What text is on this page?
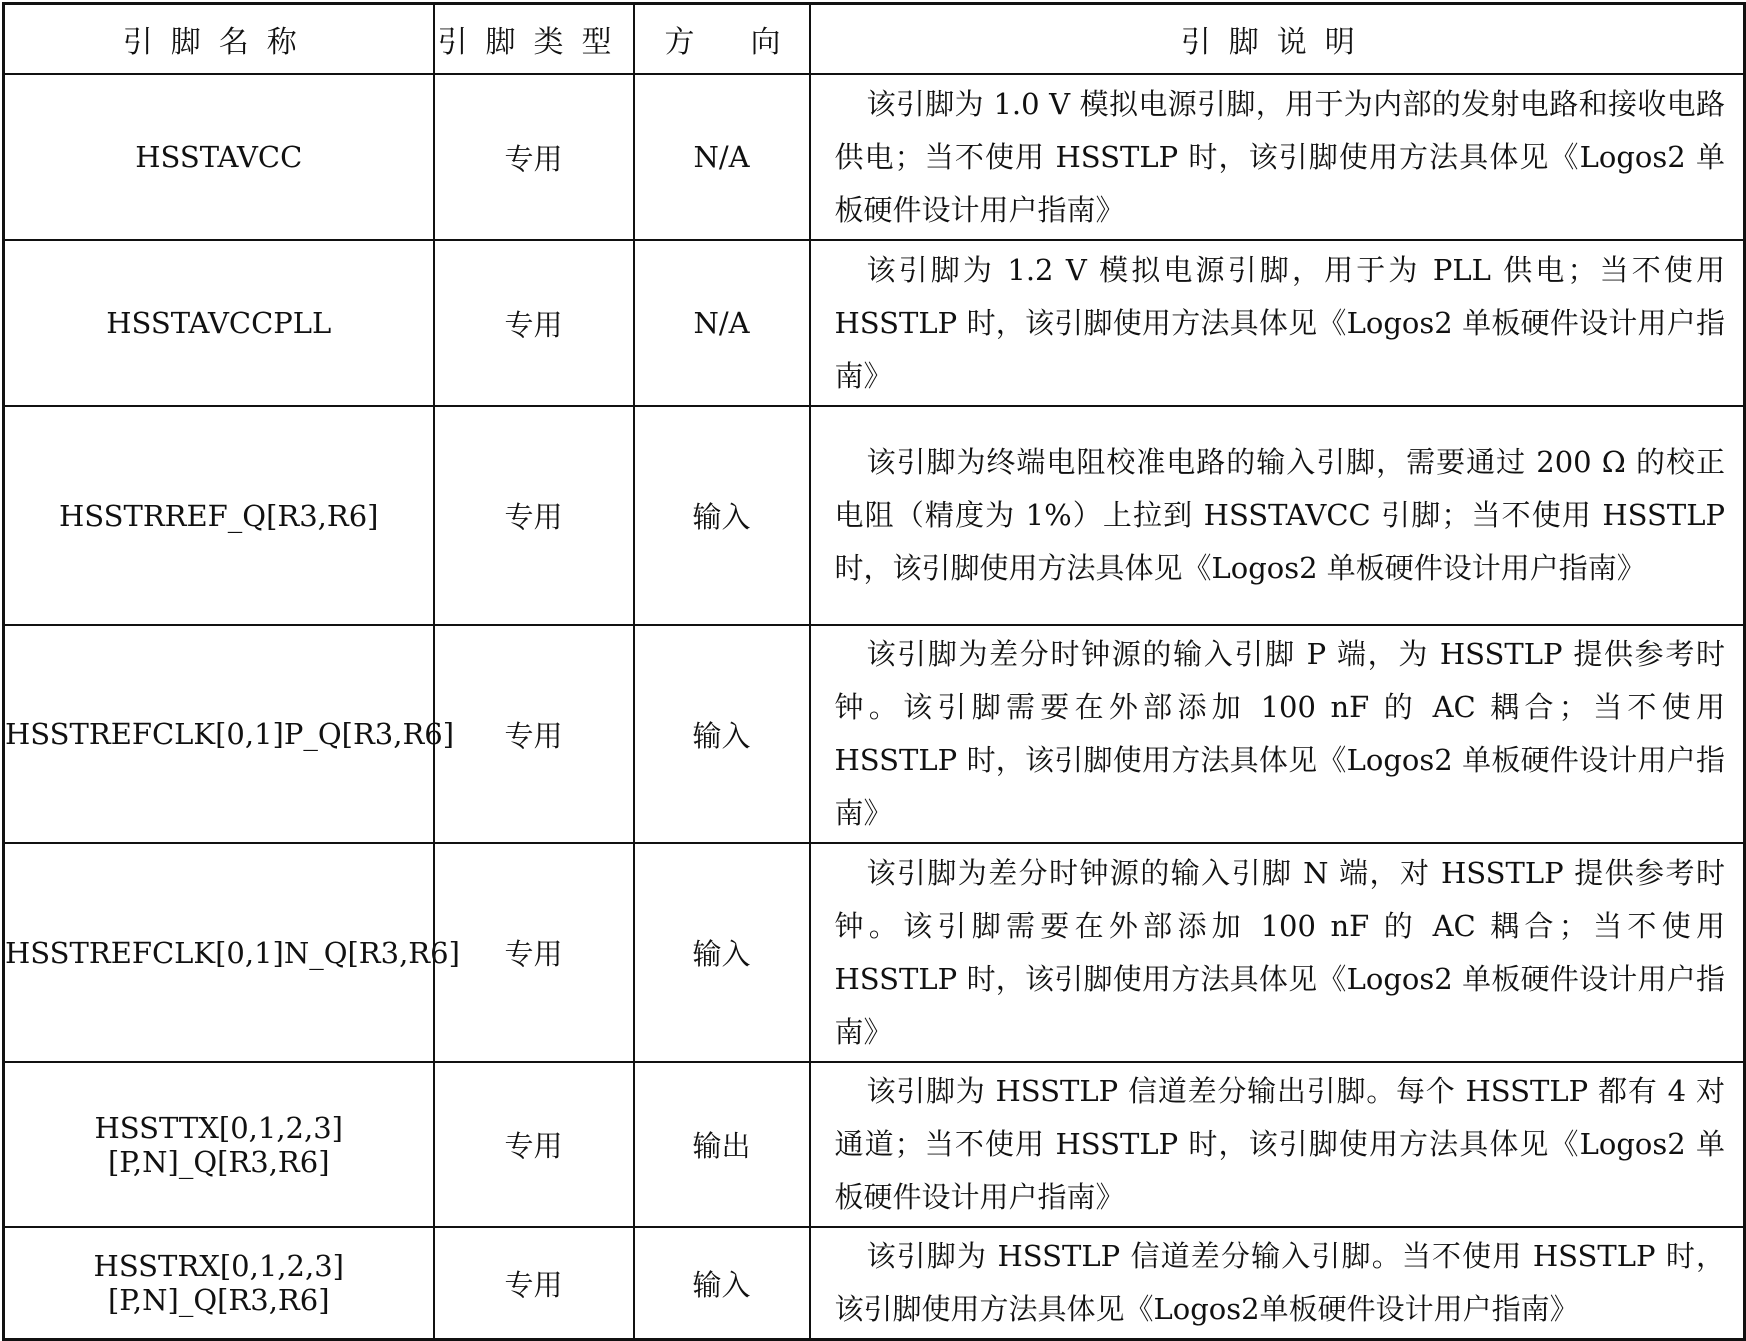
引脚名称	引脚类型	方 向	引脚说明
HSSTAVCC	专用	N/A	该引脚为 1.0 V 模拟电源引脚，用于为内部的发射电路和接收电路供电；当不使用 HSSTLP 时，该引脚使用方法具体见《Logos2 单板硬件设计用户指南》

HSSTAVCCPLL	专用	N/A	该引脚为 1.2 V 模拟电源引脚，用于为 PLL 供电；当不使用 HSSTLP 时，该引脚使用方法具体见《Logos2 单板硬件设计用户指南》

HSSTRREF_Q[R3,R6]	专用	输入	该引脚为终端电阻校准电路的输入引脚，需要通过 200 Ω 的校正电阻（精度为 1%）上拉到 HSSTAVCC 引脚；当不使用 HSSTLP 时，该引脚使用方法具体见《Logos2 单板硬件设计用户指南》

HSSTREFCLK[0,1]P_Q[R3,R6]	专用	输入	该引脚为差分时钟源的输入引脚 P 端，为 HSSTLP 提供参考时钟。该引脚需要在外部添加 100 nF 的 AC 耦合；当不使用 HSSTLP 时，该引脚使用方法具体见《Logos2 单板硬件设计用户指南》

HSSTREFCLK[0,1]N_Q[R3,R6]	专用	输入	该引脚为差分时钟源的输入引脚 N 端，对 HSSTLP 提供参考时钟。该引脚需要在外部添加 100 nF 的 AC 耦合；当不使用 HSSTLP 时，该引脚使用方法具体见《Logos2 单板硬件设计用户指南》

HSSTTX[0,1,2,3][P,N]_Q[R3,R6]	专用	输出	该引脚为 HSSTLP 信道差分输出引脚。每个 HSSTLP 都有 4 对通道；当不使用 HSSTLP 时，该引脚使用方法具体见《Logos2 单板硬件设计用户指南》

HSSTRX[0,1,2,3][P,N]_Q[R3,R6]	专用	输入	该引脚为 HSSTLP 信道差分输入引脚。当不使用 HSSTLP 时，该引脚使用方法具体见《Logos2单板硬件设计用户指南》
